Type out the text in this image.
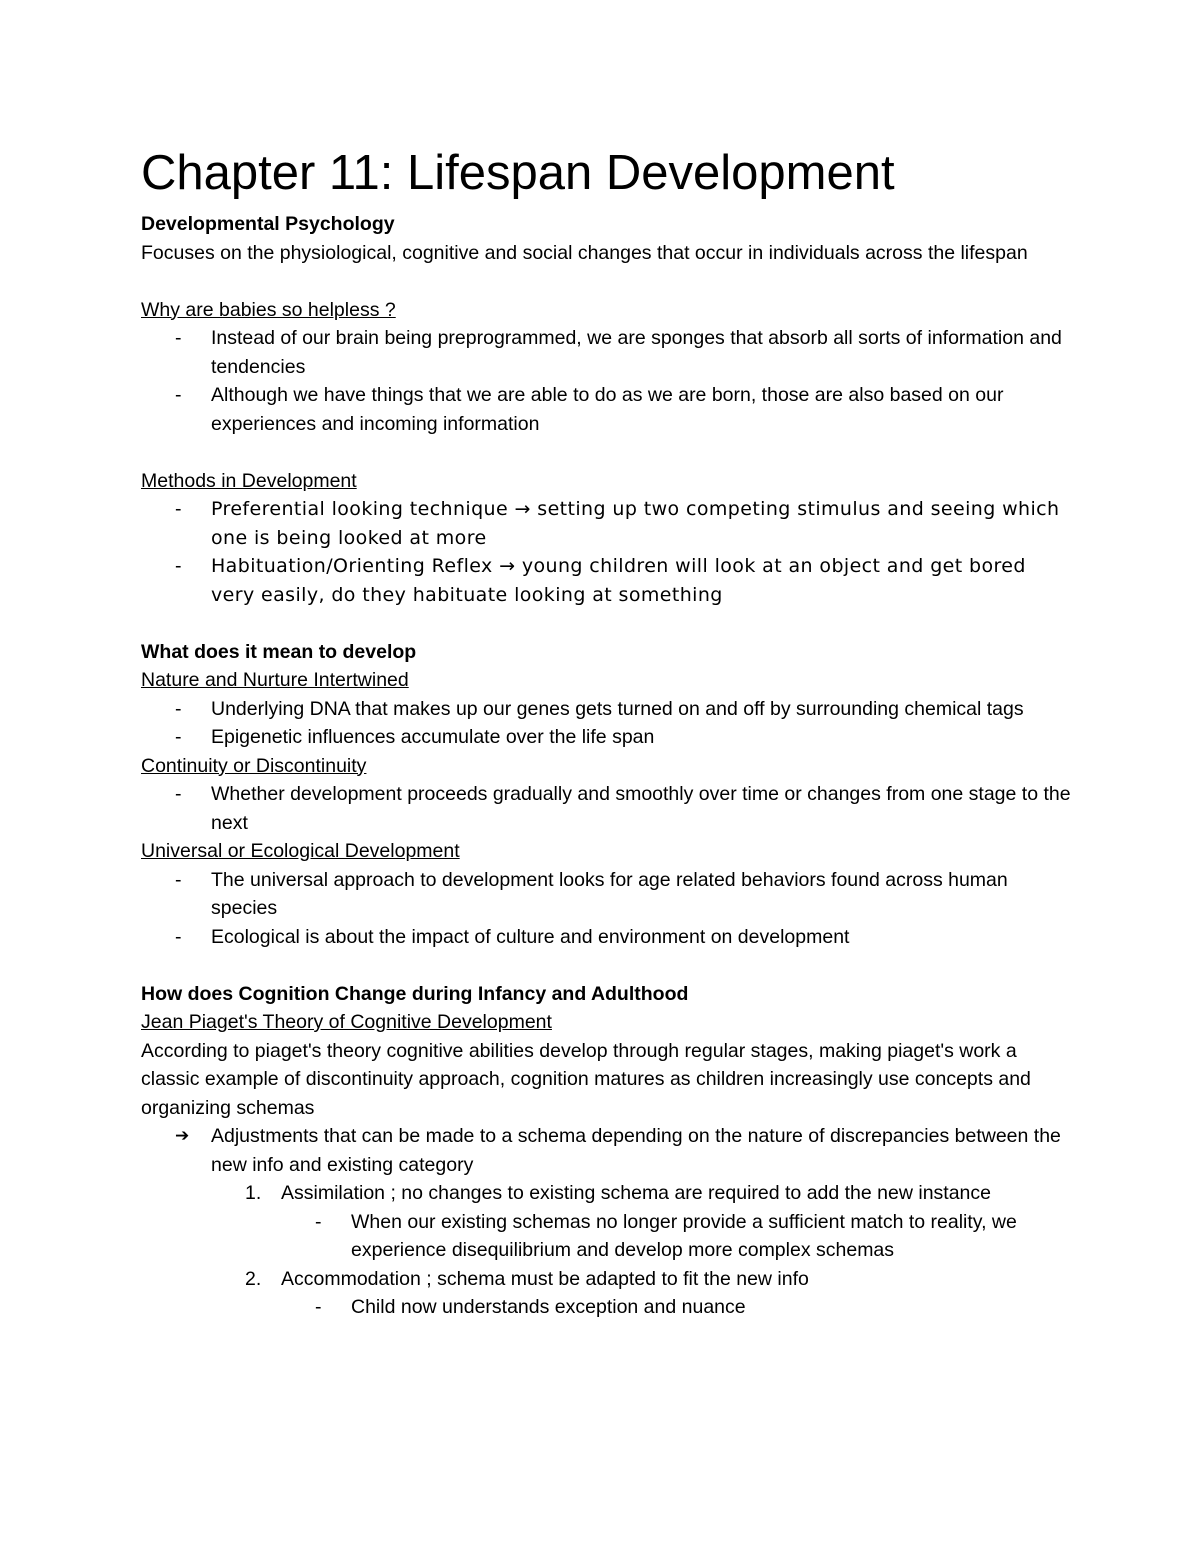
Chapter 11: Lifespan Development

Developmental Psychology

Focuses on the physiological, cognitive and social changes that occur in individuals across the lifespan

Why are babies so helpless ?

-	Instead of our brain being preprogrammed, we are sponges that absorb all sorts of information and tendencies
-	Although we have things that we are able to do as we are born, those are also based on our experiences and incoming information

Methods in Development

-	Preferential looking technique → setting up two competing stimulus and seeing which one is being looked at more
-	Habituation/Orienting Reflex → young children will look at an object and get bored very easily, do they habituate looking at something

What does it mean to develop

Nature and Nurture Intertwined

-	Underlying DNA that makes up our genes gets turned on and off by surrounding chemical tags
-	Epigenetic influences accumulate over the life span

Continuity or Discontinuity

-	Whether development proceeds gradually and smoothly over time or changes from one stage to the next

Universal or Ecological Development

-	The universal approach to development looks for age related behaviors found across human species
-	Ecological is about the impact of culture and environment on development

How does Cognition Change during Infancy and Adulthood

Jean Piaget's Theory of Cognitive Development

According to piaget's theory cognitive abilities develop through regular stages, making piaget's work a classic example of discontinuity approach, cognition matures as children increasingly use concepts and organizing schemas

➔	Adjustments that can be made to a schema depending on the nature of discrepancies between the new info and existing category
1.	Assimilation ; no changes to existing schema are required to add the new instance
-	When our existing schemas no longer provide a sufficient match to reality, we experience disequilibrium and develop more complex schemas
2.	Accommodation ; schema must be adapted to fit the new info
-	Child now understands exception and nuance
